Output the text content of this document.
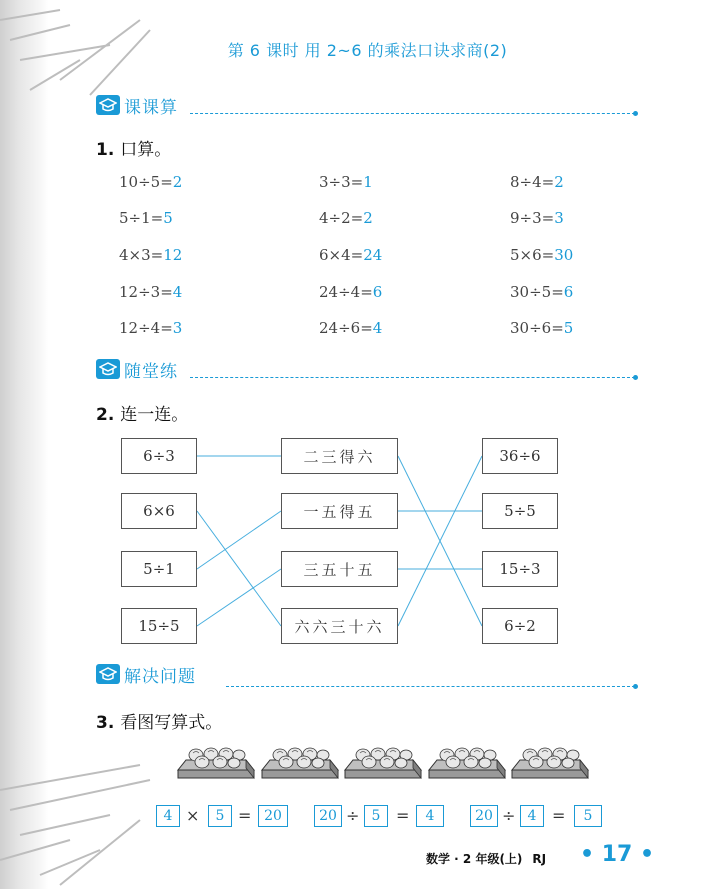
第 6 课时 用 2~6 的乘法口诀求商(2)
课课算
1. 口算。
10÷5=2	3÷3=1	8÷4=2
5÷1=5	4÷2=2	9÷3=3
4×3=12	6×4=24	5×6=30
12÷3=4	24÷4=6	30÷5=6
12÷4=3	24÷6=4	30÷6=5
随堂练
2. 连一连。
6÷3
6×6
5÷1
15÷5
二三得六
一五得五
三五十五
六六三十六
36÷6
5÷5
15÷3
6÷2
解决问题
3. 看图写算式。
4 ×	5 = 20	20 ÷ 5 =	4	20 ÷ 4 =	5
数学 · 2 年级(上) RJ • 17 •
